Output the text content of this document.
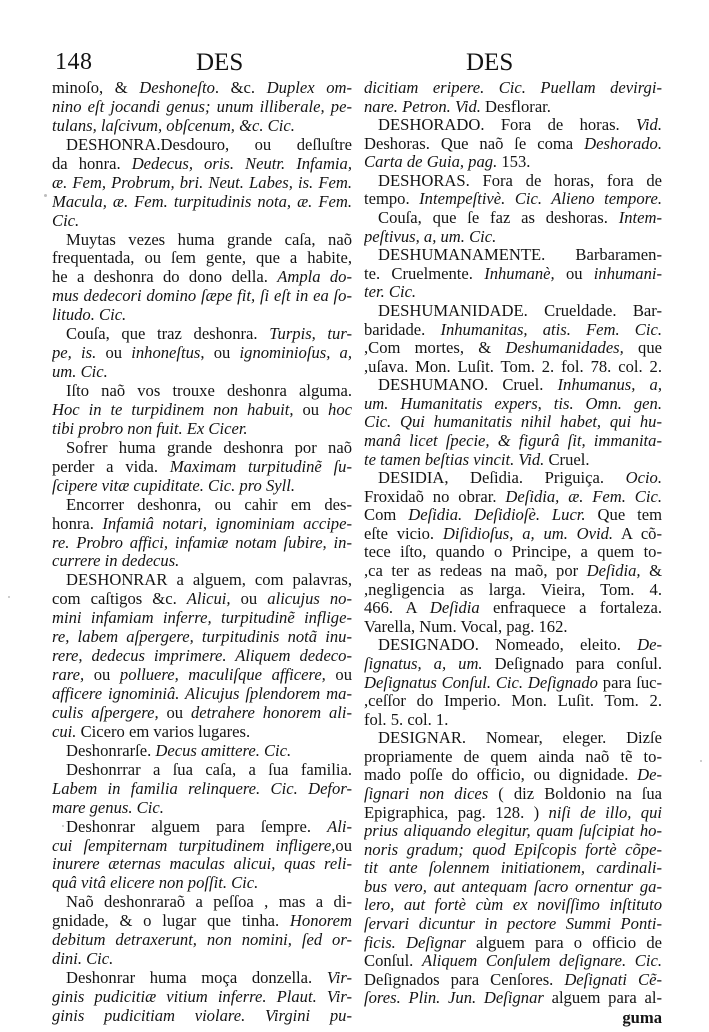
148	DES	DES
minoſo, & Deshoneſto. &c. Duplex om-
nino eſt jocandi genus; unum illiberale, pe-
tulans, laſcivum, obſcenum, &c. Cic.
DESHONRA.Desdouro, ou deſluſtre
da honra. Dedecus, oris. Neutr. Infamia,
æ. Fem, Probrum, bri. Neut. Labes, is. Fem.
Macula, æ. Fem. turpitudinis nota, æ. Fem.
Cic.
Muytas vezes huma grande caſa, naõ
frequentada, ou ſem gente, que a habite,
he a deshonra do dono della. Ampla do-
mus dedecori domino ſæpe fit, ſi eſt in ea ſo-
litudo. Cic.
Couſa, que traz deshonra. Turpis, tur-
pe, is. ou inhoneſtus, ou ignominioſus, a,
um. Cic.
Iſto naõ vos trouxe deshonra alguma.
Hoc in te turpidinem non habuit, ou hoc
tibi probro non fuit. Ex Cicer.
Sofrer huma grande deshonra por naõ
perder a vida. Maximam turpitudinẽ ſu-
ſcipere vitæ cupiditate. Cic. pro Syll.
Encorrer deshonra, ou cahir em des-
honra. Infamiâ notari, ignominiam accipe-
re. Probro affici, infamiæ notam ſubire, in-
currere in dedecus.
DESHONRAR a alguem, com palavras,
com caſtigos &c. Alicui, ou alicujus no-
mini infamiam inferre, turpitudinẽ inflige-
re, labem aſpergere, turpitudinis notã inu-
rere, dedecus imprimere. Aliquem dedeco-
rare, ou polluere, maculiſque afficere, ou
afficere ignominiâ. Alicujus ſplendorem ma-
culis aſpergere, ou detrahere honorem ali-
cui. Cicero em varios lugares.
Deshonrarſe. Decus amittere. Cic.
Deshonrrar a ſua caſa, a ſua familia.
Labem in familia relinquere. Cic. Defor-
mare genus. Cic.
Deshonrar alguem para ſempre. Ali-
cui ſempiternam turpitudinem infligere,ou
inurere æternas maculas alicui, quas reli-
quâ vitâ elicere non poſſit. Cic.
Naõ deshonraraõ a peſſoa , mas a di-
gnidade, & o lugar que tinha. Honorem
debitum detraxerunt, non nomini, ſed or-
dini. Cic.
Deshonrar huma moça donzella. Vir-
ginis pudicitiæ vitium inferre. Plaut. Vir-
ginis pudicitiam violare. Virgini pu-
dicitiam eripere. Cic. Puellam devirgi-
nare. Petron. Vid. Desflorar.
DESHORADO. Fora de horas. Vid.
Deshoras. Que naõ ſe coma Deshorado.
Carta de Guia, pag. 153.
DESHORAS. Fora de horas, fora de
tempo. Intempeſtivè. Cic. Alieno tempore.
Couſa, que ſe faz as deshoras. Intem-
peſtivus, a, um. Cic.
DESHUMANAMENTE. Barbaramen-
te. Cruelmente. Inhumanè, ou inhumani-
ter. Cic.
DESHUMANIDADE. Crueldade. Bar-
baridade. Inhumanitas, atis. Fem. Cic.
,Com mortes, & Deshumanidades, que
,uſava. Mon. Luſit. Tom. 2. fol. 78. col. 2.
DESHUMANO. Cruel. Inhumanus, a,
um. Humanitatis expers, tis. Omn. gen.
Cic. Qui humanitatis nihil habet, qui hu-
manâ licet ſpecie, & figurâ ſit, immanita-
te tamen beſtias vincit. Vid. Cruel.
DESIDIA, Deſidia. Priguiça. Ocio.
Froxidaõ no obrar. Deſidia, æ. Fem. Cic.
Com Deſidia. Deſidioſè. Lucr. Que tem
eſte vicio. Diſidioſus, a, um. Ovid. A cõ-
tece iſto, quando o Principe, a quem to-
,ca ter as redeas na maõ, por Deſidia, &
,negligencia as larga. Vieira, Tom. 4.
466. A Deſidia enfraquece a fortaleza.
Varella, Num. Vocal, pag. 162.
DESIGNADO. Nomeado, eleito. De-
ſignatus, a, um. Deſignado para conſul.
Deſignatus Conſul. Cic. Deſignado para ſuc-
,ceſſor do Imperio. Mon. Luſit. Tom. 2.
fol. 5. col. 1.
DESIGNAR. Nomear, eleger. Dizſe
propriamente de quem ainda naõ tẽ to-
mado poſſe do officio, ou dignidade. De-
ſignari non dices ( diz Boldonio na ſua
Epigraphica, pag. 128. ) niſi de illo, qui
prius aliquando elegitur, quam ſuſcipiat ho-
noris gradum; quod Epiſcopis fortè cõpe-
tit ante ſolennem initiationem, cardinali-
bus vero, aut antequam ſacro ornentur ga-
lero, aut fortè cùm ex noviſſimo inſtituto
ſervari dicuntur in pectore Summi Ponti-
ficis. Deſignar alguem para o officio de
Conſul. Aliquem Conſulem deſignare. Cic.
Deſignados para Cenſores. Deſignati Cẽ-
ſores. Plin. Jun. Deſignar alguem para al-
guma
